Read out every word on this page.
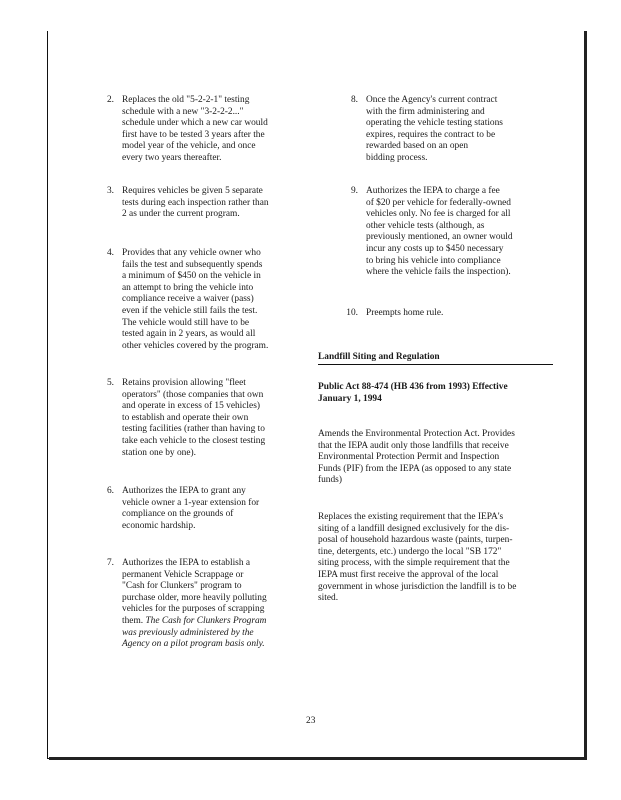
2. Replaces the old "5-2-2-1" testing

schedule with a new "3-2-2-2..."

schedule under which a new car would

first have to be tested 3 years after the

model year of the vehicle, and once

every two years thereafter.

3. Requires vehicles be given 5 separate

tests during each inspection rather than

2 as under the current program.

4. Provides that any vehicle owner who

fails the test and subsequently spends

a minimum of $450 on the vehicle in

an attempt to bring the vehicle into

compliance receive a waiver (pass)

even if the vehicle still fails the test.

The vehicle would still have to be

tested again in 2 years, as would all

other vehicles covered by the program.

5. Retains provision allowing "fleet

operators" (those companies that own

and operate in excess of 15 vehicles)

to establish and operate their own

testing facilities (rather than having to

take each vehicle to the closest testing

station one by one).

6. Authorizes the IEPA to grant any

vehicle owner a 1-year extension for

compliance on the grounds of

economic hardship.

7. Authorizes the IEPA to establish a

permanent Vehicle Scrappage or

"Cash for Clunkers" program to

purchase older, more heavily polluting

vehicles for the purposes of scrapping

them. The Cash for Clunkers Program

was previously administered by the

Agency on a pilot program basis only.

8. Once the Agency's current contract

with the firm administering and

operating the vehicle testing stations

expires, requires the contract to be

rewarded based on an open

bidding process.

9. Authorizes the IEPA to charge a fee

of $20 per vehicle for federally-owned

vehicles only. No fee is charged for all

other vehicle tests (although, as

previously mentioned, an owner would

incur any costs up to $450 necessary

to bring his vehicle into compliance

where the vehicle fails the inspection).

10. Preempts home rule.

Landfill Siting and Regulation
Public Act 88-474 (HB 436 from 1993) Effective
January 1, 1994
Amends the Environmental Protection Act. Provides
that the IEPA audit only those landfills that receive
Environmental Protection Permit and Inspection
Funds (PIF) from the IEPA (as opposed to any state
funds)
Replaces the existing requirement that the IEPA's
siting of a landfill designed exclusively for the dis-
posal of household hazardous waste (paints, turpen-
tine, detergents, etc.) undergo the local "SB 172"
siting process, with the simple requirement that the
IEPA must first receive the approval of the local
government in whose jurisdiction the landfill is to be
sited.
23
